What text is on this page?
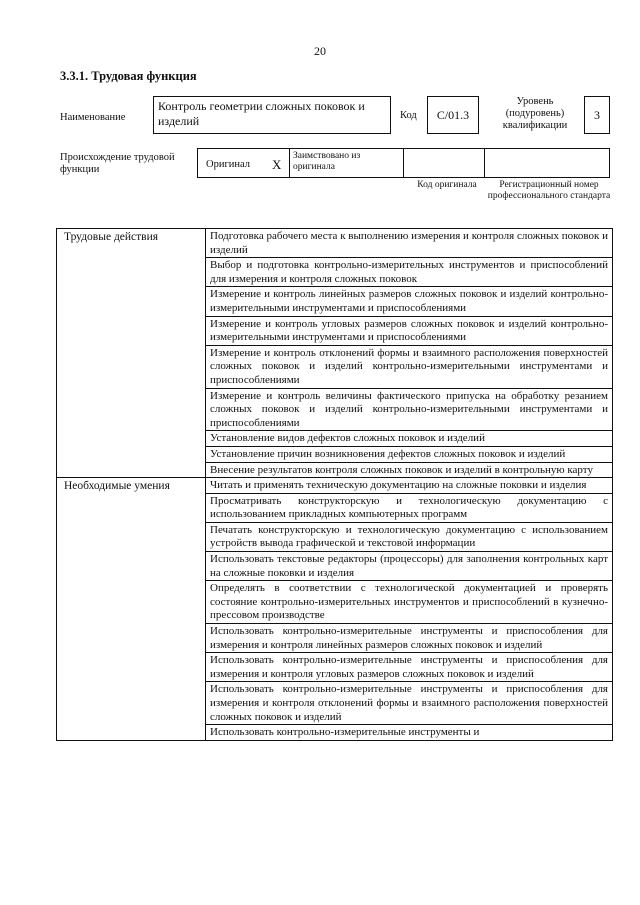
20
3.3.1. Трудовая функция
Наименование
Контроль геометрии сложных поковок и изделий	Код	C/01.3
Уровень (подуровень) квалификации
3
Происхождение трудовой функции	Оригинал X
Заимствовано из оригинала
Код оригинала	Регистрационный номер профессионального стандарта
Трудовые действия	Подготовка рабочего места к выполнению измерения и контроля сложных поковок и изделий
	Выбор и подготовка контрольно-измерительных инструментов и приспособлений для измерения и контроля сложных поковок
	Измерение и контроль линейных размеров сложных поковок и изделий контрольно-измерительными инструментами и приспособлениями
	Измерение и контроль угловых размеров сложных поковок и изделий контрольно-измерительными инструментами и приспособлениями
	Измерение и контроль отклонений формы и взаимного расположения поверхностей сложных поковок и изделий контрольно-измерительными инструментами и приспособлениями
	Измерение и контроль величины фактического припуска на обработку резанием сложных поковок и изделий контрольно-измерительными инструментами и приспособлениями
	Установление видов дефектов сложных поковок и изделий
	Установление причин возникновения дефектов сложных поковок и изделий
	Внесение результатов контроля сложных поковок и изделий в контрольную карту

Необходимые умения	Читать и применять техническую документацию на сложные поковки и изделия
	Просматривать конструкторскую и технологическую документацию с использованием прикладных компьютерных программ
	Печатать конструкторскую и технологическую документацию с использованием устройств вывода графической и текстовой информации
	Использовать текстовые редакторы (процессоры) для заполнения контрольных карт на сложные поковки и изделия
	Определять в соответствии с технологической документацией и проверять состояние контрольно-измерительных инструментов и приспособлений в кузнечно-прессовом производстве
	Использовать контрольно-измерительные инструменты и приспособления для измерения и контроля линейных размеров сложных поковок и изделий
	Использовать контрольно-измерительные инструменты и приспособления для измерения и контроля угловых размеров сложных поковок и изделий
	Использовать контрольно-измерительные инструменты и приспособления для измерения и контроля отклонений формы и взаимного расположения поверхностей сложных поковок и изделий
	Использовать контрольно-измерительные инструменты и
